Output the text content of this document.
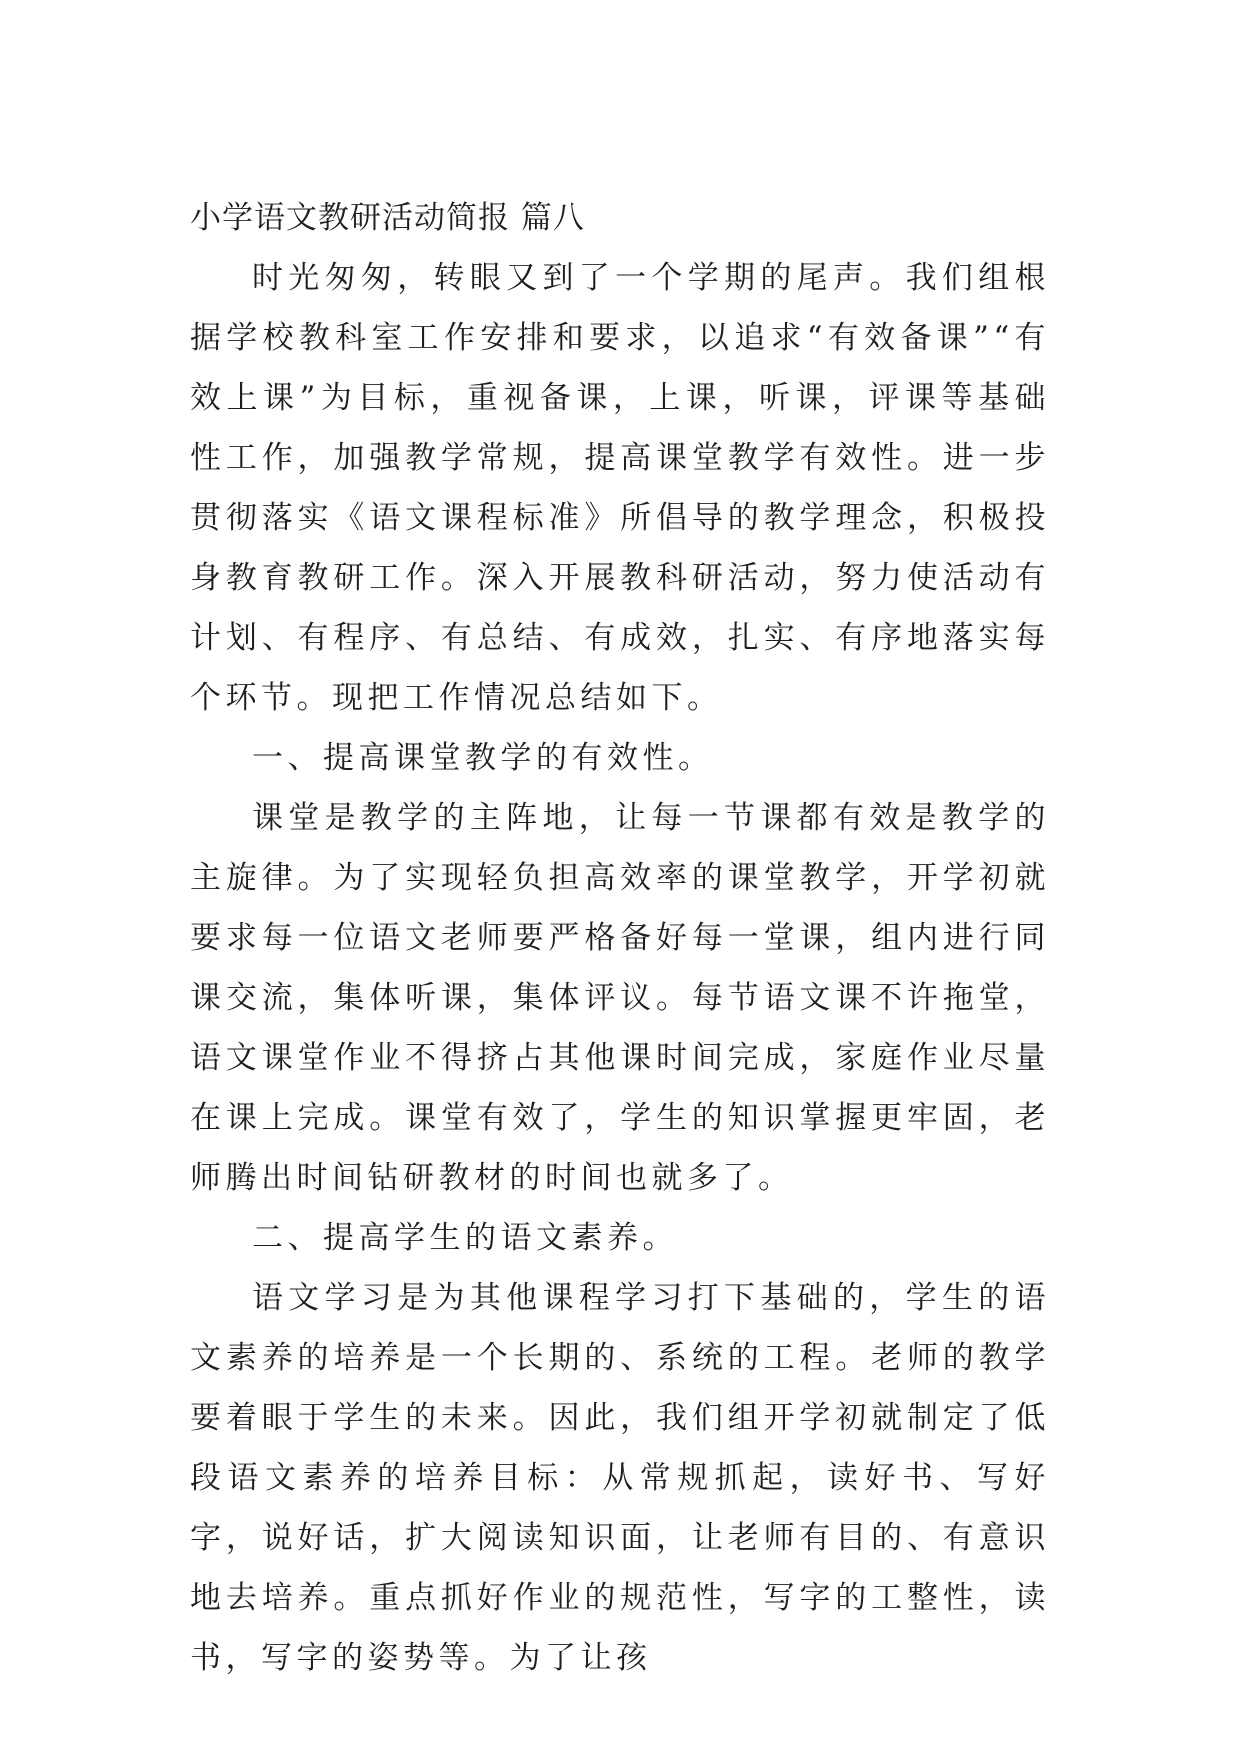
小学语文教研活动简报 篇八

时光匆匆，转眼又到了一个学期的尾声。我们组根据学校教科室工作安排和要求，以追求“有效备课”“有效上课”为目标，重视备课，上课，听课，评课等基础性工作，加强教学常规，提高课堂教学有效性。进一步贯彻落实《语文课程标准》所倡导的教学理念，积极投身教育教研工作。深入开展教科研活动，努力使活动有计划、有程序、有总结、有成效，扎实、有序地落实每个环节。现把工作情况总结如下。

一、提高课堂教学的有效性。

课堂是教学的主阵地，让每一节课都有效是教学的主旋律。为了实现轻负担高效率的课堂教学，开学初就要求每一位语文老师要严格备好每一堂课，组内进行同课交流，集体听课，集体评议。每节语文课不许拖堂，语文课堂作业不得挤占其他课时间完成，家庭作业尽量在课上完成。课堂有效了，学生的知识掌握更牢固，老师腾出时间钻研教材的时间也就多了。

二、提高学生的语文素养。

语文学习是为其他课程学习打下基础的，学生的语文素养的培养是一个长期的、系统的工程。老师的教学要着眼于学生的未来。因此，我们组开学初就制定了低段语文素养的培养目标：从常规抓起，读好书、写好字，说好话，扩大阅读知识面，让老师有目的、有意识地去培养。重点抓好作业的规范性，写字的工整性，读书，写字的姿势等。为了让孩
